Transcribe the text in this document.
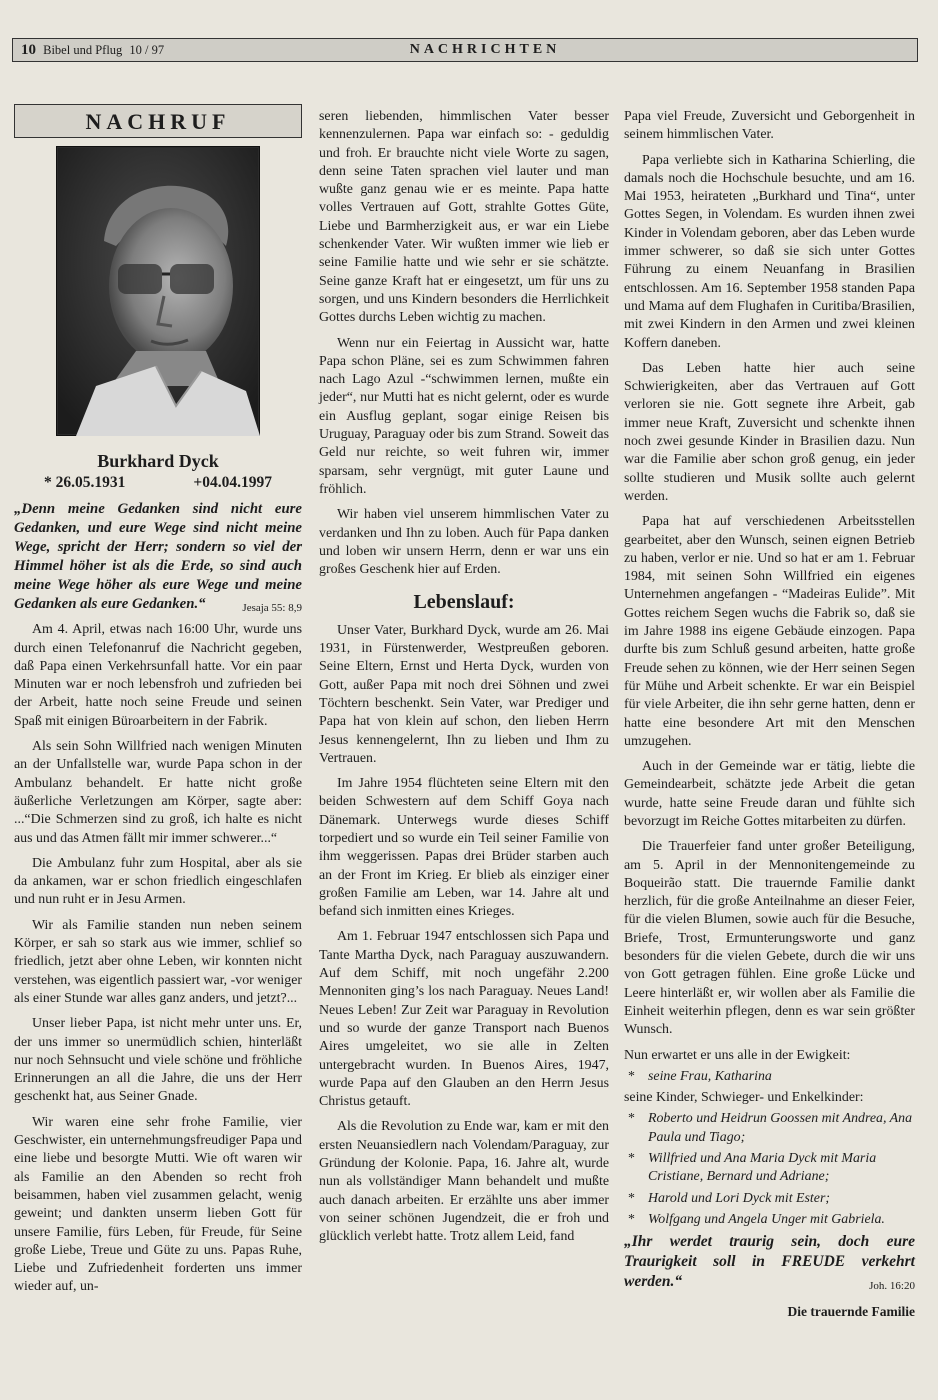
10 Bibel und Pflug 10 / 97	NACHRICHTEN
NACHRUF
Burkhard Dyck
* 26.05.1931	+04.04.1997

„Denn meine Gedanken sind nicht eure Gedanken, und eure Wege sind nicht meine Wege, spricht der Herr; sondern so viel der Himmel höher ist als die Erde, so sind auch meine Wege höher als eure Wege und meine Gedanken als eure Gedanken.“	Jesaja 55: 8,9

Am 4. April, etwas nach 16:00 Uhr, wurde uns durch einen Telefonanruf die Nachricht gegeben, daß Papa einen Verkehrsunfall hatte. Vor ein paar Minuten war er noch lebensfroh und zufrieden bei der Arbeit, hatte noch seine Freude und seinen Spaß mit einigen Büroarbeitern in der Fabrik.

Als sein Sohn Willfried nach wenigen Minuten an der Unfallstelle war, wurde Papa schon in der Ambulanz behandelt. Er hatte nicht große äußerliche Verletzungen am Körper, sagte aber: ...“Die Schmerzen sind zu groß, ich halte es nicht aus und das Atmen fällt mir immer schwerer...“

Die Ambulanz fuhr zum Hospital, aber als sie da ankamen, war er schon friedlich eingeschlafen und nun ruht er in Jesu Armen.

Wir als Familie standen nun neben seinem Körper, er sah so stark aus wie immer, schlief so friedlich, jetzt aber ohne Leben, wir konnten nicht verstehen, was eigentlich passiert war, -vor weniger als einer Stunde war alles ganz anders, und jetzt?...

Unser lieber Papa, ist nicht mehr unter uns. Er, der uns immer so unermüdlich schien, hinterläßt nur noch Sehnsucht und viele schöne und fröhliche Erinnerungen an all die Jahre, die uns der Herr geschenkt hat, aus Seiner Gnade.

Wir waren eine sehr frohe Familie, vier Geschwister, ein unternehmungsfreudiger Papa und eine liebe und besorgte Mutti. Wie oft waren wir als Familie an den Abenden so recht froh beisammen, haben viel zusammen gelacht, wenig geweint; und dankten unserm lieben Gott für unsere Familie, fürs Leben, für Freude, für Seine große Liebe, Treue und Güte zu uns. Papas Ruhe, Liebe und Zufriedenheit forderten uns immer wieder auf, un-

seren liebenden, himmlischen Vater besser kennenzulernen. Papa war einfach so: - geduldig und froh. Er brauchte nicht viele Worte zu sagen, denn seine Taten sprachen viel lauter und man wußte ganz genau wie er es meinte. Papa hatte volles Vertrauen auf Gott, strahlte Gottes Güte, Liebe und Barmherzigkeit aus, er war ein Liebe schenkender Vater. Wir wußten immer wie lieb er seine Familie hatte und wie sehr er sie schätzte. Seine ganze Kraft hat er eingesetzt, um für uns zu sorgen, und uns Kindern besonders die Herrlichkeit Gottes durchs Leben wichtig zu machen.

Wenn nur ein Feiertag in Aussicht war, hatte Papa schon Pläne, sei es zum Schwimmen fahren nach Lago Azul -“schwimmen lernen, mußte ein jeder“, nur Mutti hat es nicht gelernt, oder es wurde ein Ausflug geplant, sogar einige Reisen bis Uruguay, Paraguay oder bis zum Strand. Soweit das Geld nur reichte, so weit fuhren wir, immer sparsam, sehr vergnügt, mit guter Laune und fröhlich.

Wir haben viel unserem himmlischen Vater zu verdanken und Ihn zu loben. Auch für Papa danken und loben wir unsern Herrn, denn er war uns ein großes Geschenk hier auf Erden.

Lebenslauf:

Unser Vater, Burkhard Dyck, wurde am 26. Mai 1931, in Fürstenwerder, Westpreußen geboren. Seine Eltern, Ernst und Herta Dyck, wurden von Gott, außer Papa mit noch drei Söhnen und zwei Töchtern beschenkt. Sein Vater, war Prediger und Papa hat von klein auf schon, den lieben Herrn Jesus kennengelernt, Ihn zu lieben und Ihm zu Vertrauen.

Im Jahre 1954 flüchteten seine Eltern mit den beiden Schwestern auf dem Schiff Goya nach Dänemark. Unterwegs wurde dieses Schiff torpediert und so wurde ein Teil seiner Familie von ihm weggerissen. Papas drei Brüder starben auch an der Front im Krieg. Er blieb als einziger einer großen Familie am Leben, war 14. Jahre alt und befand sich inmitten eines Krieges.

Am 1. Februar 1947 entschlossen sich Papa und Tante Martha Dyck, nach Paraguay auszuwandern. Auf dem Schiff, mit noch ungefähr 2.200 Mennoniten ging’s los nach Paraguay. Neues Land! Neues Leben! Zur Zeit war Paraguay in Revolution und so wurde der ganze Transport nach Buenos Aires umgeleitet, wo sie alle in Zelten untergebracht wurden. In Buenos Aires, 1947, wurde Papa auf den Glauben an den Herrn Jesus Christus getauft.

Als die Revolution zu Ende war, kam er mit den ersten Neuansiedlern nach Volendam/Paraguay, zur Gründung der Kolonie. Papa, 16. Jahre alt, wurde nun als vollständiger Mann behandelt und mußte auch danach arbeiten. Er erzählte uns aber immer von seiner schönen Jugendzeit, die er froh und glücklich verlebt hatte. Trotz allem Leid, fand

Papa viel Freude, Zuversicht und Geborgenheit in seinem himmlischen Vater.

Papa verliebte sich in Katharina Schierling, die damals noch die Hochschule besuchte, und am 16. Mai 1953, heirateten „Burkhard und Tina“, unter Gottes Segen, in Volendam. Es wurden ihnen zwei Kinder in Volendam geboren, aber das Leben wurde immer schwerer, so daß sie sich unter Gottes Führung zu einem Neuanfang in Brasilien entschlossen. Am 16. September 1958 standen Papa und Mama auf dem Flughafen in Curitiba/Brasilien, mit zwei Kindern in den Armen und zwei kleinen Koffern daneben.

Das Leben hatte hier auch seine Schwierigkeiten, aber das Vertrauen auf Gott verloren sie nie. Gott segnete ihre Arbeit, gab immer neue Kraft, Zuversicht und schenkte ihnen noch zwei gesunde Kinder in Brasilien dazu. Nun war die Familie aber schon groß genug, ein jeder sollte studieren und Musik sollte auch gelernt werden.

Papa hat auf verschiedenen Arbeitsstellen gearbeitet, aber den Wunsch, seinen eignen Betrieb zu haben, verlor er nie. Und so hat er am 1. Februar 1984, mit seinen Sohn Willfried ein eigenes Unternehmen angefangen - “Madeiras Eulide”. Mit Gottes reichem Segen wuchs die Fabrik so, daß sie im Jahre 1988 ins eigene Gebäude einzogen. Papa durfte bis zum Schluß gesund arbeiten, hatte große Freude sehen zu können, wie der Herr seinen Segen für Mühe und Arbeit schenkte. Er war ein Beispiel für viele Arbeiter, die ihn sehr gerne hatten, denn er hatte eine besondere Art mit den Menschen umzugehen.

Auch in der Gemeinde war er tätig, liebte die Gemeindearbeit, schätzte jede Arbeit die getan wurde, hatte seine Freude daran und fühlte sich bevorzugt im Reiche Gottes mitarbeiten zu dürfen.

Die Trauerfeier fand unter großer Beteiligung, am 5. April in der Mennonitengemeinde zu Boqueirão statt. Die trauernde Familie dankt herzlich, für die große Anteilnahme an dieser Feier, für die vielen Blumen, sowie auch für die Besuche, Briefe, Trost, Ermunterungsworte und ganz besonders für die vielen Gebete, durch die wir uns von Gott getragen fühlen. Eine große Lücke und Leere hinterläßt er, wir wollen aber als Familie die Einheit weiterhin pflegen, denn es war sein größter Wunsch.

Nun erwartet er uns alle in der Ewigkeit:

* seine Frau, Katharina

seine Kinder, Schwieger- und Enkelkinder:

* Roberto und Heidrun Goossen mit Andrea, Ana Paula und Tiago;
* Willfried und Ana Maria Dyck mit Maria Cristiane, Bernard und Adriane;
* Harold und Lori Dyck mit Ester;
* Wolfgang und Angela Unger mit Gabriela.

„Ihr werdet traurig sein, doch eure Traurigkeit soll in FREUDE verkehrt werden.“	Joh. 16:20

Die trauernde Familie
